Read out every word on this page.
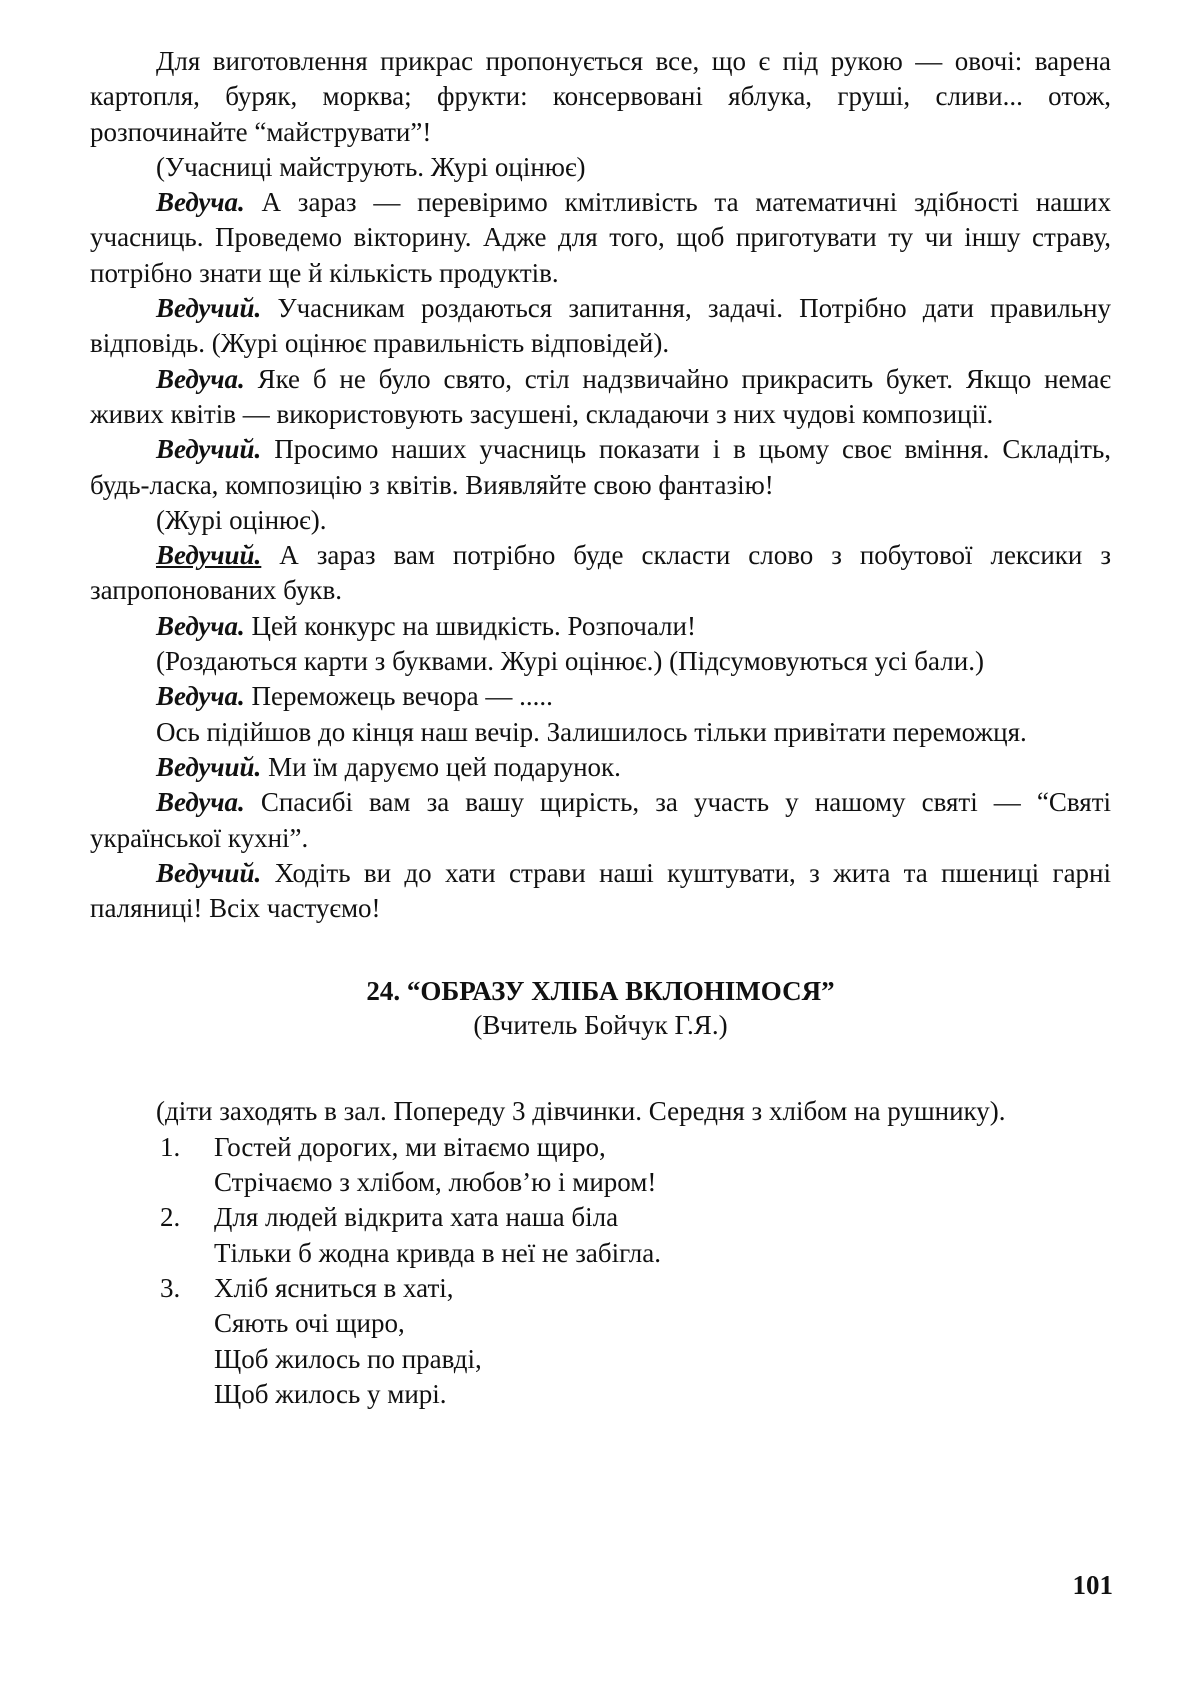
Для виготовлення прикрас пропонується все, що є під рукою — овочі: варена картопля, буряк, морква; фрукти: консервовані яблука, груші, сливи... отож, розпочинайте “майструвати”!

(Учасниці майструють. Журі оцінює)

Ведуча. А зараз — перевіримо кмітливість та математичні здібності наших учасниць. Проведемо вікторину. Адже для того, щоб приготувати ту чи іншу страву, потрібно знати ще й кількість продуктів.

Ведучий. Учасникам роздаються запитання, задачі. Потрібно дати правильну відповідь. (Журі оцінює правильність відповідей).

Ведуча. Яке б не було свято, стіл надзвичайно прикрасить букет. Якщо немає живих квітів — використовують засушені, складаючи з них чудові композиції.

Ведучий. Просимо наших учасниць показати і в цьому своє вміння. Складіть, будь-ласка, композицію з квітів. Виявляйте свою фантазію!

(Журі оцінює).

Ведучий. А зараз вам потрібно буде скласти слово з побутової лексики з запропонованих букв.

Ведуча. Цей конкурс на швидкість. Розпочали!

(Роздаються карти з буквами. Журі оцінює.) (Підсумовуються усі бали.)

Ведуча. Переможець вечора — .....

Ось підійшов до кінця наш вечір. Залишилось тільки привітати переможця.

Ведучий. Ми їм даруємо цей подарунок.

Ведуча. Спасибі вам за вашу щирість, за участь у нашому святі — “Святі української кухні”.

Ведучий. Ходіть ви до хати страви наші куштувати, з жита та пшениці гарні паляниці! Всіх частуємо!

24. “ОБРАЗУ ХЛІБА ВКЛОНІМОСЯ”

(Вчитель Бойчук Г.Я.)

(діти заходять в зал. Попереду 3 дівчинки. Середня з хлібом на рушнику).

1. Гостей дорогих, ми вітаємо щиро,
Стрічаємо з хлібом, любов’ю і миром!
2. Для людей відкрита хата наша біла
Тільки б жодна кривда в неї не забігла.
3. Хліб ясниться в хаті,
Сяють очі щиро,
Щоб жилось по правді,
Щоб жилось у мирі.
101
